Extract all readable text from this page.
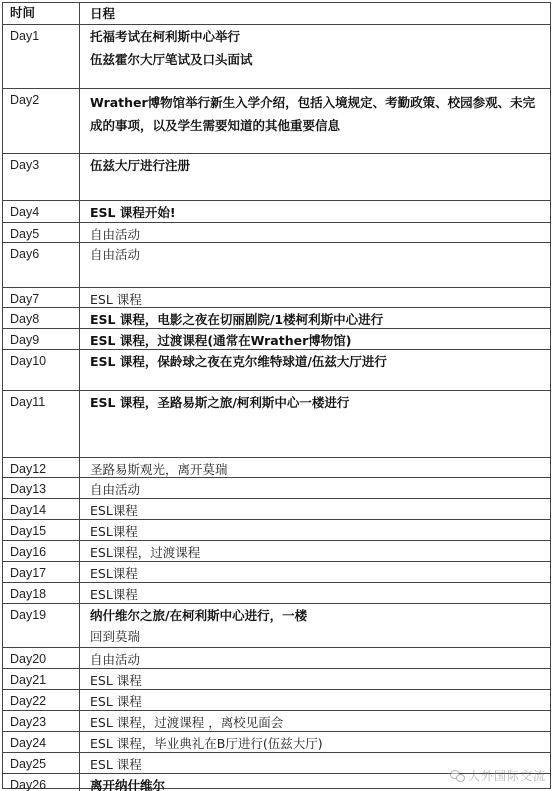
时间	日程
Day1	托福考试在柯利斯中心举行
伍兹霍尔大厅笔试及口头面试
Day2	Wrather博物馆举行新生入学介绍，包括入境规定、考勤政策、校园参观、未完成的事项，以及学生需要知道的其他重要信息
Day3	伍兹大厅进行注册
Day4	ESL 课程开始!
Day5	自由活动
Day6	自由活动
Day7	ESL 课程
Day8	ESL 课程，电影之夜在切丽剧院/1楼柯利斯中心进行
Day9	ESL 课程，过渡课程(通常在Wrather博物馆)
Day10	ESL 课程，保龄球之夜在克尔维特球道/伍兹大厅进行
Day11	ESL 课程，圣路易斯之旅/柯利斯中心一楼进行
Day12	圣路易斯观光，离开莫瑞
Day13	自由活动
Day14	ESL课程
Day15	ESL课程
Day16	ESL课程，过渡课程
Day17	ESL课程
Day18	ESL课程
Day19	纳什维尔之旅/在柯利斯中心进行，一楼
回到莫瑞
Day20	自由活动
Day21	ESL 课程
Day22	ESL 课程
Day23	ESL 课程，过渡课程 ，离校见面会
Day24	ESL 课程，毕业典礼在B厅进行(伍兹大厅)
Day25	ESL 课程
Day26	离开纳什维尔
大外国际交流
